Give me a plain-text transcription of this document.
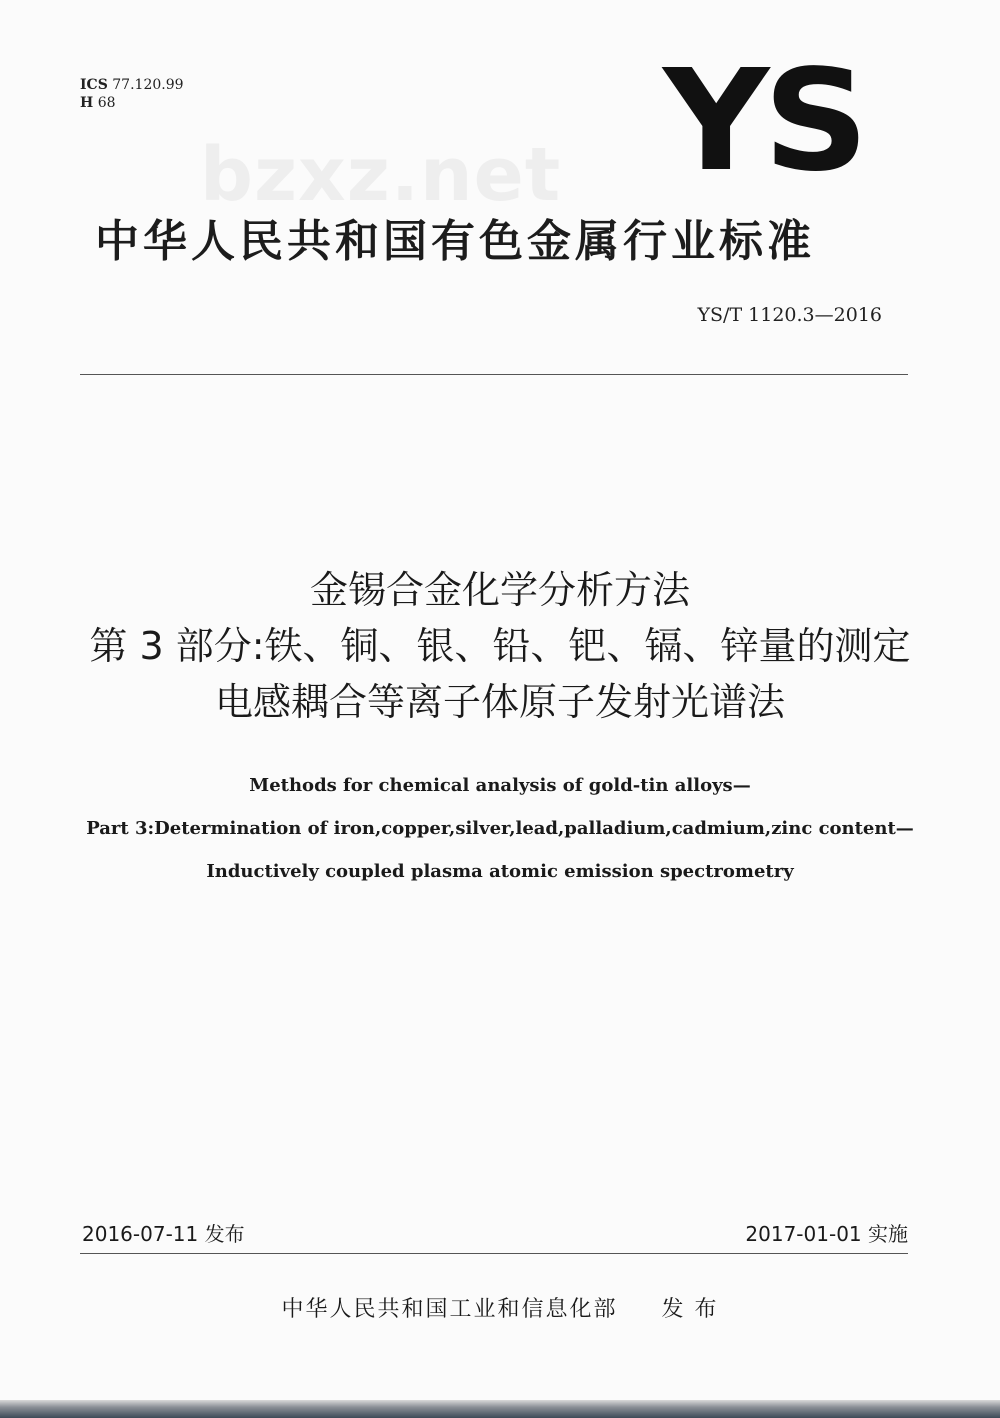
ICS 77.120.99
H 68
bzxz.net YS
中华人民共和国有色金属行业标准
YS/T 1120.3—2016
金锡合金化学分析方法
第 3 部分:铁、铜、银、铅、钯、镉、锌量的测定
电感耦合等离子体原子发射光谱法
Methods for chemical analysis of gold-tin alloys—
Part 3:Determination of iron,copper,silver,lead,palladium,cadmium,zinc content—
Inductively coupled plasma atomic emission spectrometry
2016-07-11 发布	2017-01-01 实施
中华人民共和国工业和信息化部 发 布
